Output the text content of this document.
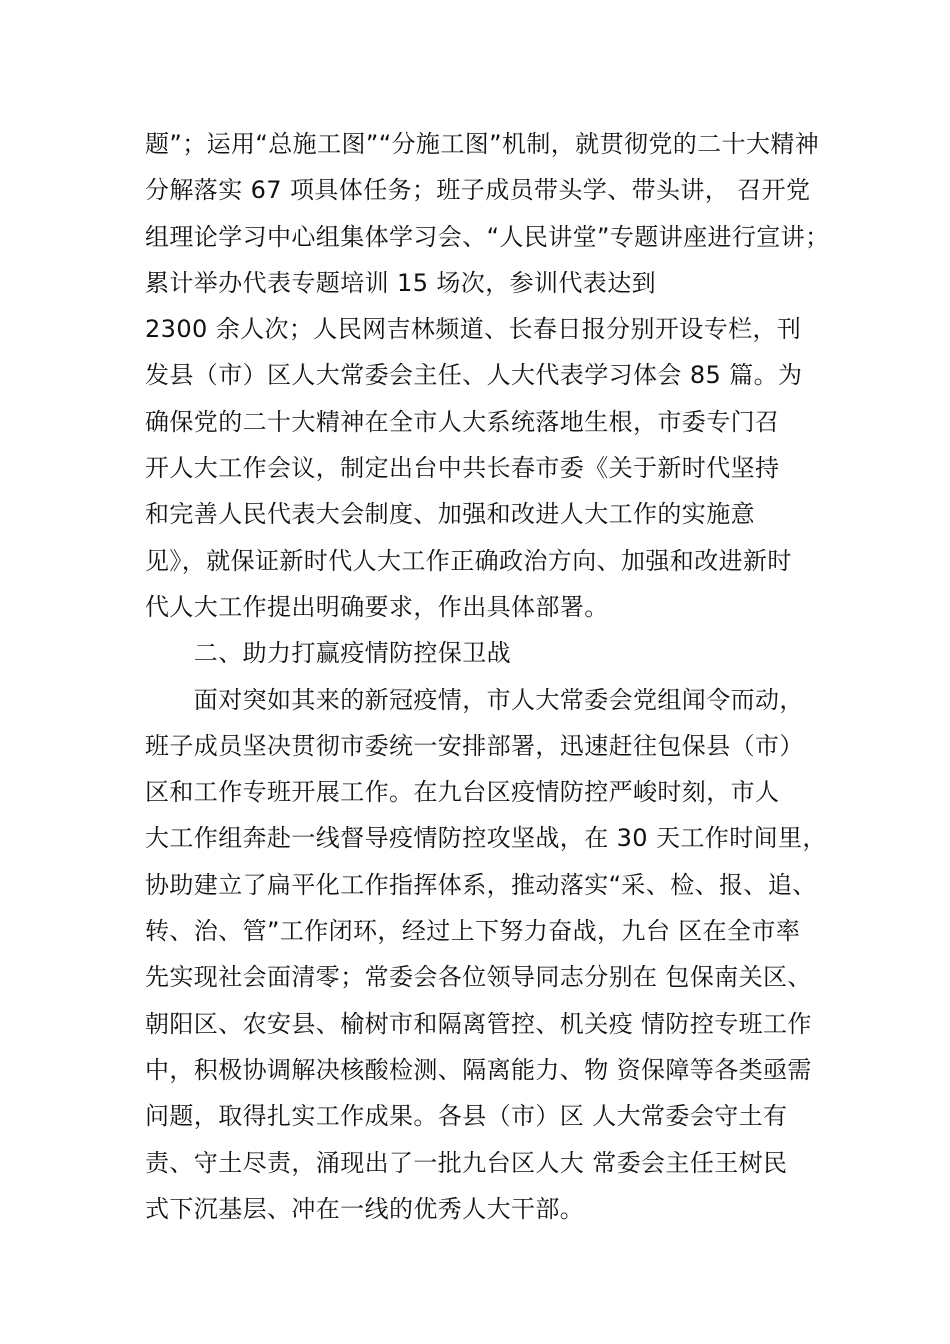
题”；运用“总施工图”“分施工图”机制，就贯彻党的二十大精神
分解落实 67 项具体任务；班子成员带头学、带头讲， 召开党
组理论学习中心组集体学习会、“人民讲堂”专题讲座进行宣讲；
累计举办代表专题培训 15 场次，参训代表达到
2300 余人次；人民网吉林频道、长春日报分别开设专栏，刊
发县（市）区人大常委会主任、人大代表学习体会 85 篇。为
确保党的二十大精神在全市人大系统落地生根，市委专门召
开人大工作会议，制定出台中共长春市委《关于新时代坚持
和完善人民代表大会制度、加强和改进人大工作的实施意
见》，就保证新时代人大工作正确政治方向、加强和改进新时
代人大工作提出明确要求，作出具体部署。
　　二、助力打赢疫情防控保卫战
　　面对突如其来的新冠疫情，市人大常委会党组闻令而动，
班子成员坚决贯彻市委统一安排部署，迅速赶往包保县（市）
区和工作专班开展工作。在九台区疫情防控严峻时刻，市人
大工作组奔赴一线督导疫情防控攻坚战，在 30 天工作时间里，
协助建立了扁平化工作指挥体系，推动落实“采、检、报、追、
转、治、管”工作闭环，经过上下努力奋战，九台 区在全市率
先实现社会面清零；常委会各位领导同志分别在 包保南关区、
朝阳区、农安县、榆树市和隔离管控、机关疫 情防控专班工作
中，积极协调解决核酸检测、隔离能力、物 资保障等各类亟需
问题，取得扎实工作成果。各县（市）区 人大常委会守土有
责、守土尽责，涌现出了一批九台区人大 常委会主任王树民
式下沉基层、冲在一线的优秀人大干部。
